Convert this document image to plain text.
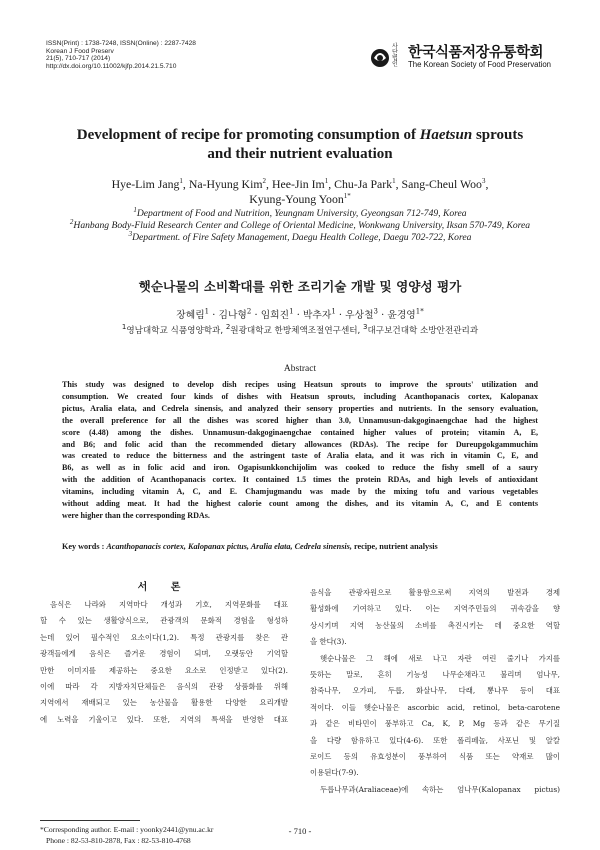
ISSN(Print) : 1738-7248, ISSN(Online) : 2287-7428
Korean J Food Preserv
21(5), 710-717 (2014)
http://dx.doi.org/10.11002/kjfp.2014.21.5.710
사단법인
한국식품저장유통학회
The Korean Society of Food Preservation
Development of recipe for promoting consumption of Haetsun sprouts
and their nutrient evaluation
Hye-Lim Jang$^1$, Na-Hyung Kim$^2$, Hee-Jin Im$^1$, Chu-Ja Park$^1$, Sang-Cheul Woo$^3$,
Kyung-Young Yoon$^{1*}$
$^1$Department of Food and Nutrition, Yeungnam University, Gyeongsan 712-749, Korea
$^2$Hanbang Body-Fluid Research Center and College of Oriental Medicine, Wonkwang University, Iksan 570-749, Korea
$^3$Department. of Fire Safety Management, Daegu Health College, Daegu 702-722, Korea
햇순나물의 소비확대를 위한 조리기술 개발 및 영양성 평가
장혜림$^1$ · 김나형$^2$ · 임희진$^1$ · 박추자$^1$ · 우상철$^3$ · 윤경영$^{1*}$
$^1$영남대학교 식품영양학과, $^2$원광대학교 한방체액조절연구센터, $^3$대구보건대학 소방안전관리과
Abstract
This study was designed to develop dish recipes using Heatsun sprouts to improve the sprouts' utilization and
consumption. We created four kinds of dishes with Heatsun sprouts, including Acanthopanacis cortex, Kalopanax
pictus, Aralia elata, and Cedrela sinensis, and analyzed their sensory properties and nutrients. In the sensory evaluation,
the overall preference for all the dishes was scored higher than 3.0, Unnamusun-dakgoginaengchae had the highest
score (4.48) among the dishes. Unnamusun-dakgoginaengchae contained higher values of protein; vitamin A, E,
and B6; and folic acid than the recommended dietary allowances (RDAs). The recipe for Dureupgokgammuchim
was created to reduce the bitterness and the astringent taste of Aralia elata, and it was rich in vitamin C, E, and
B6, as well as in folic acid and iron. Ogapisunkkonchijolim was cooked to reduce the fishy smell of a saury
with the addition of Acanthopanacis cortex. It contained 1.5 times the protein RDAs, and high levels of antioxidant
vitamins, including vitamin A, C, and E. Chamjugmandu was made by the mixing tofu and various vegetables
without adding meat. It had the highest calorie count among the dishes, and its vitamin A, C, and E contents
were higher than the corresponding RDAs.
Key words : Acanthopanacis cortex, Kalopanax pictus, Aralia elata, Cedrela sinensis, recipe, nutrient analysis
서 론
음식은 나라와 지역마다 개성과 기호, 지역문화를 대표
할 수 있는 생활양식으로, 관광객의 문화적 경험을 형성하
는데 있어 필수적인 요소이다(1,2). 특정 관광지를 찾은 관
광객들에게 음식은 즐거운 경험이 되며, 오랫동안 기억할
만한 이미지를 제공하는 중요한 요소로 인정받고 있다(2).
이에 따라 각 지방자치단체들은 음식의 관광 상품화를 위해
지역에서 재배되고 있는 농산물을 활용한 다양한 요리개발
에 노력을 기울이고 있다. 또한, 지역의 특색을 반영한 대표
음식을 관광자원으로 활용함으로써 지역의 발전과 경제
활성화에 기여하고 있다. 이는 지역주민들의 귀속감을 향
상시키며 지역 농산물의 소비를 촉진시키는 데 중요한 역할
을 한다(3).
햇순나물은 그 해에 새로 나고 자란 여린 줄기나 가지를
뜻하는 말로, 흔히 기능성 나무순채라고 불리며 엄나무,
참죽나무, 오가피, 두릅, 화살나무, 다래, 뽕나무 등이 대표
적이다. 이들 햇순나물은 ascorbic acid, retinol, beta-carotene
과 같은 비타민이 풍부하고 Ca, K, P, Mg 등과 같은 무기질
을 다량 함유하고 있다(4-6). 또한 폴리페놀, 사포닌 및 알칼
로이드 등의 유효성분이 풍부하여 식품 또는 약재로 많이
이용된다(7-9).
두릅나무과(Araliaceae)에 속하는 엄나무(Kalopanax pictus)
*Corresponding author. E-mail : yoonky2441@ynu.ac.kr
Phone : 82-53-810-2878, Fax : 82-53-810-4768
- 710 -
